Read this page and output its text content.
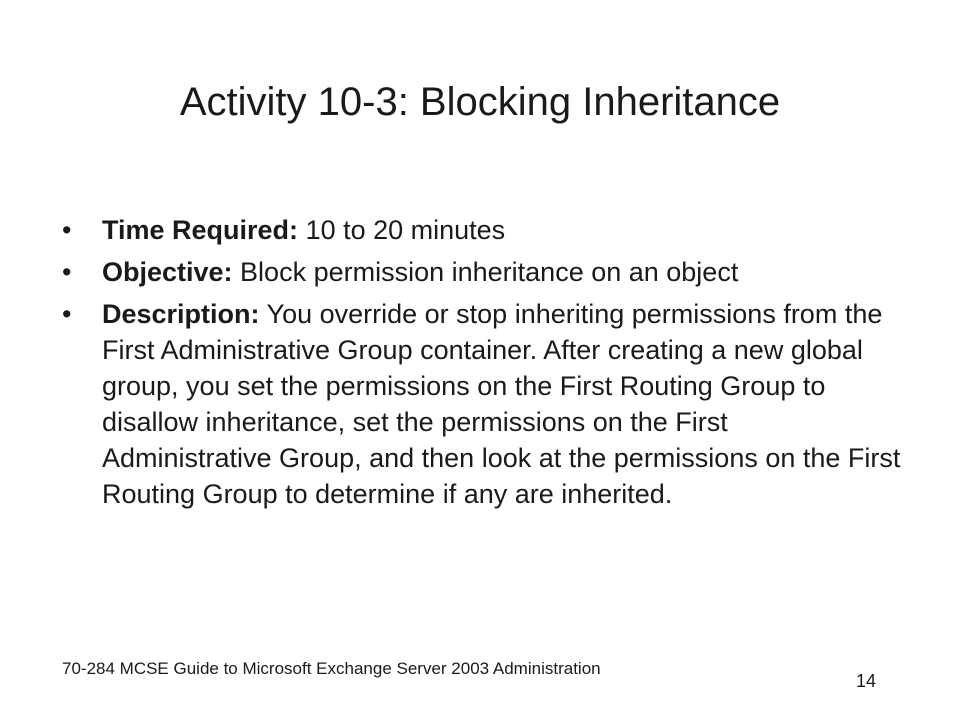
Activity 10-3: Blocking Inheritance
•	Time Required: 10 to 20 minutes
•	Objective: Block permission inheritance on an object
•	Description: You override or stop inheriting permissions from the First Administrative Group container. After creating a new global group, you set the permissions on the First Routing Group to disallow inheritance, set the permissions on the First Administrative Group, and then look at the permissions on the First Routing Group to determine if any are inherited.
70-284 MCSE Guide to Microsoft Exchange Server 2003 Administration
14
